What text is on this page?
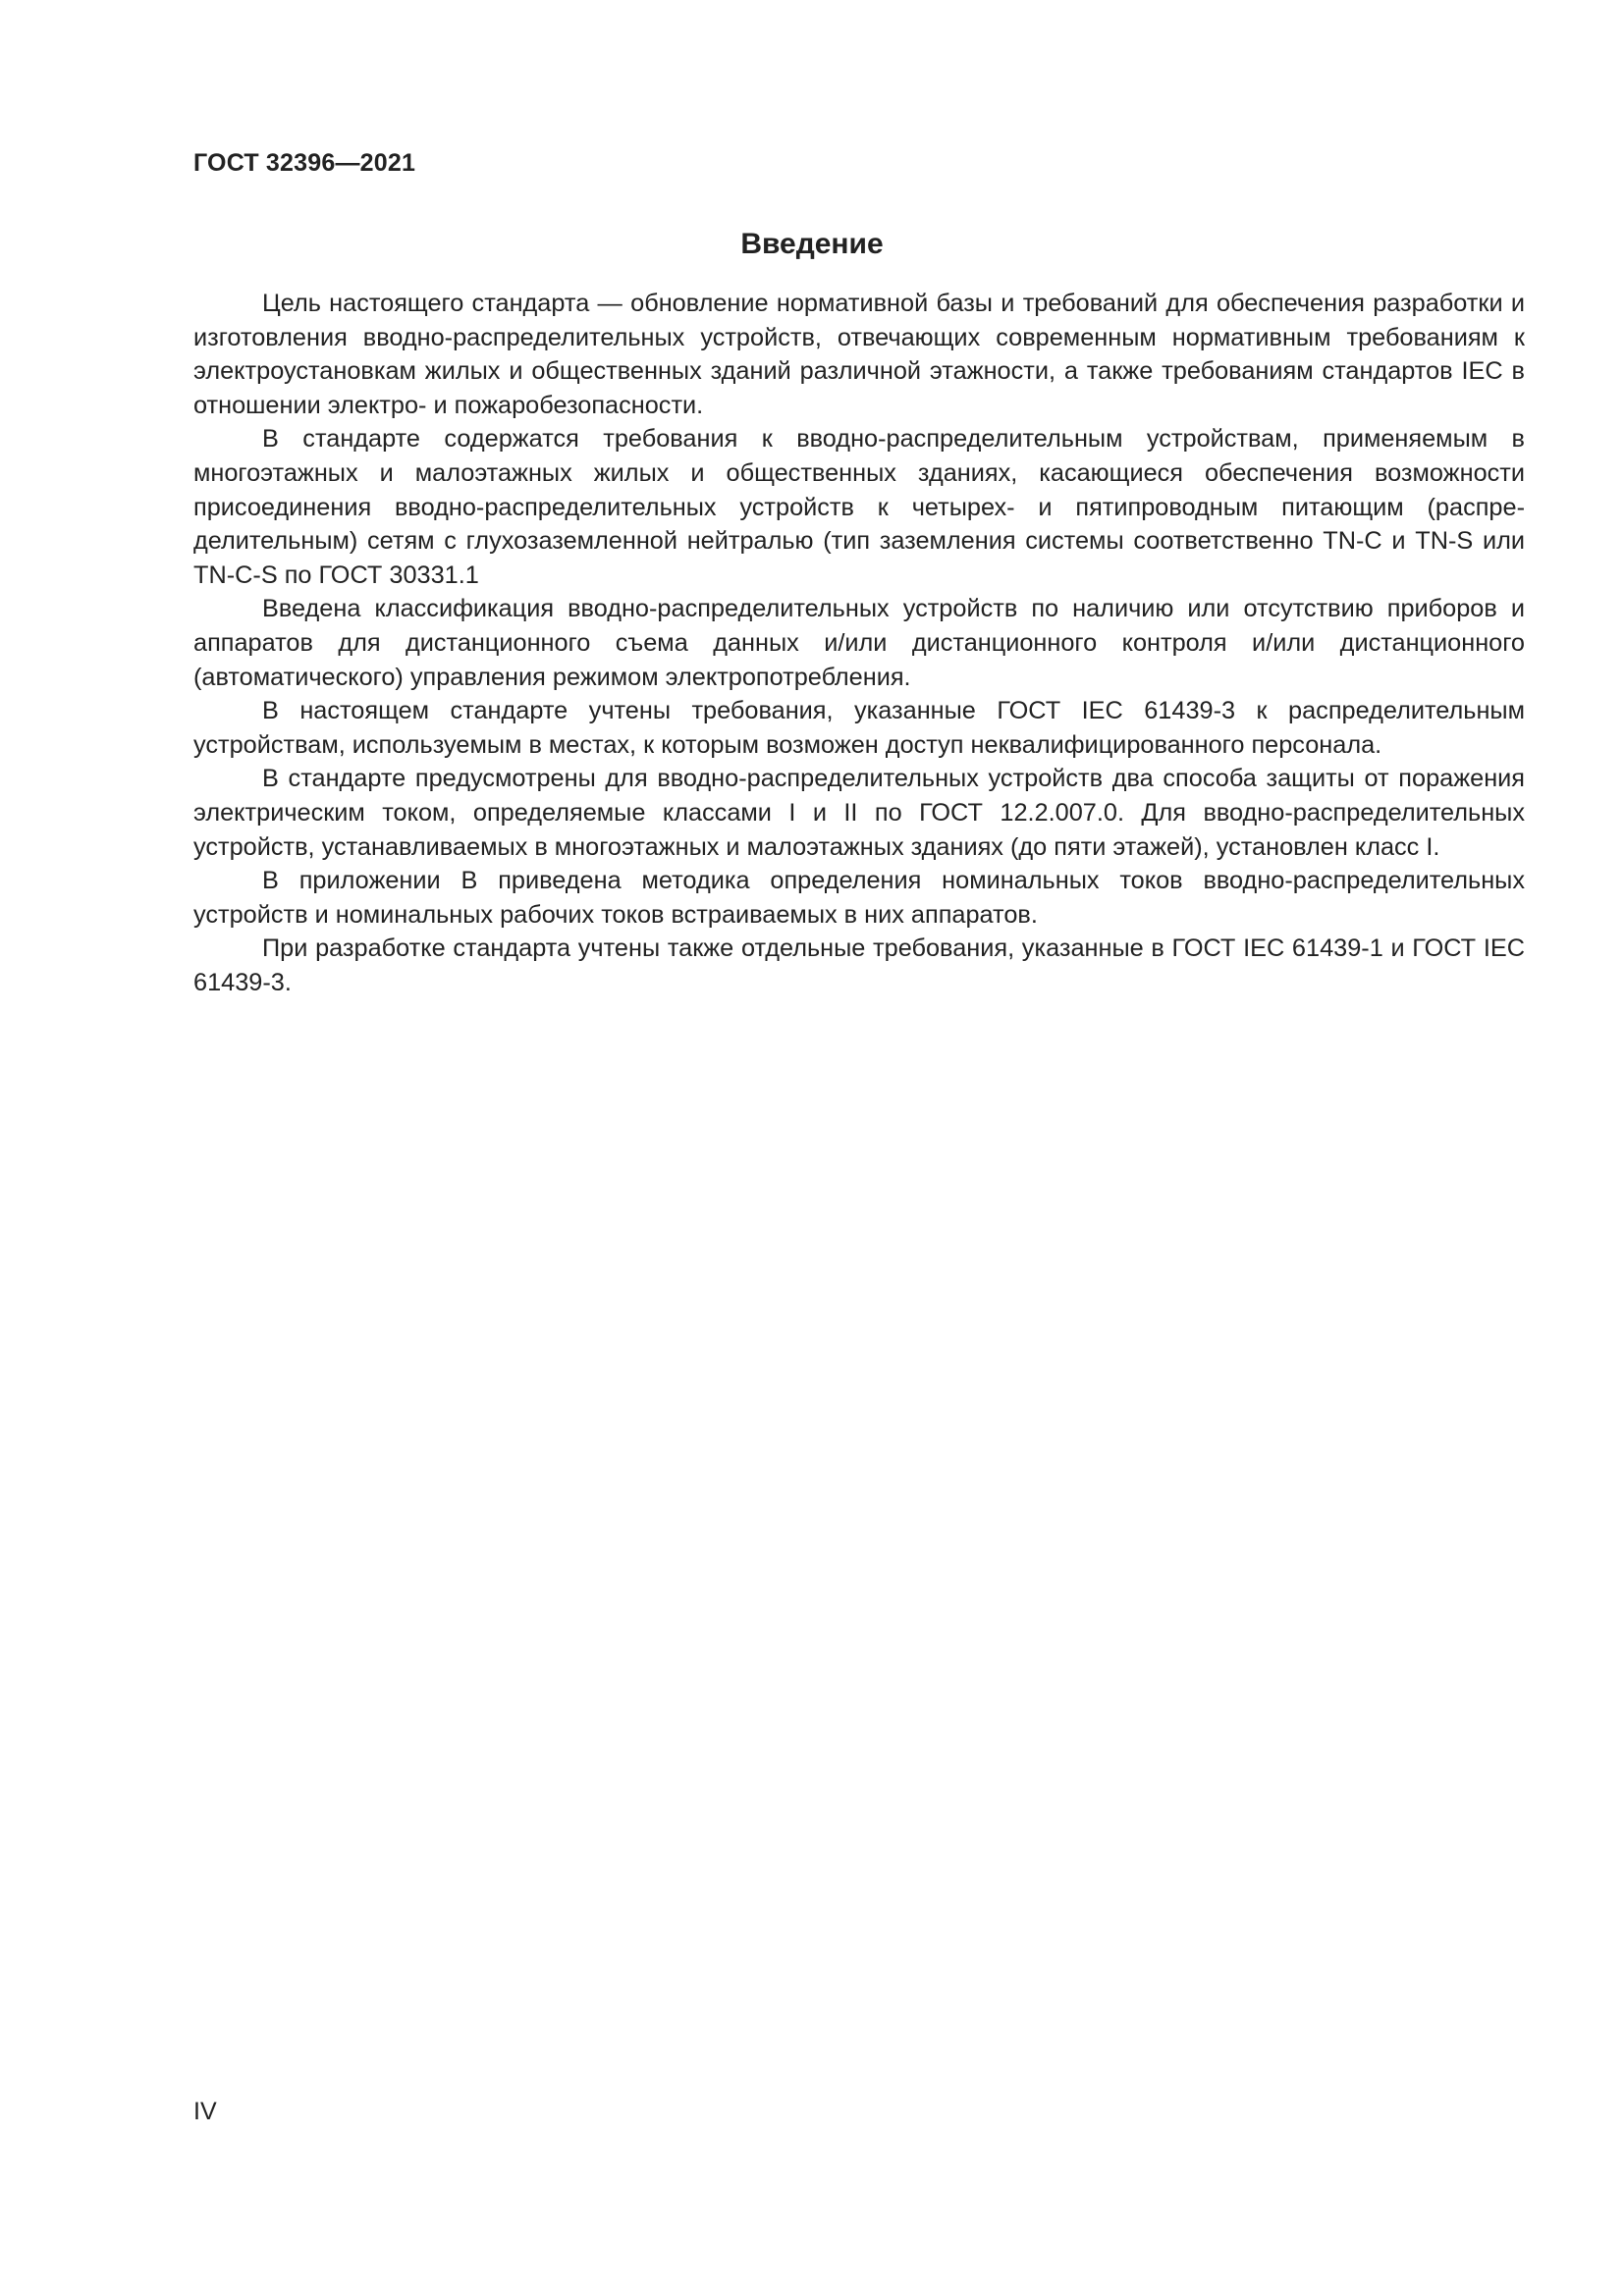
ГОСТ 32396—2021
Введение

Цель настоящего стандарта — обновление нормативной базы и требований для обеспечения разработки и изготовления вводно-распределительных устройств, отвечающих современным нормативным требованиям к электроустановкам жилых и общественных зданий различной этажности, а также требованиям стандартов IEC в отношении электро- и пожаробезопасности.

В стандарте содержатся требования к вводно-распределительным устройствам, применяемым в многоэтажных и малоэтажных жилых и общественных зданиях, касающиеся обеспечения возможности присоединения вводно-распределительных устройств к четырех- и пятипроводным питающим (распределительным) сетям с глухозаземленной нейтралью (тип заземления системы соответственно TN-C и TN-S или TN-C-S по ГОСТ 30331.1

Введена классификация вводно-распределительных устройств по наличию или отсутствию приборов и аппаратов для дистанционного съема данных и/или дистанционного контроля и/или дистанционного (автоматического) управления режимом электропотребления.

В настоящем стандарте учтены требования, указанные ГОСТ IEC 61439-3 к распределительным устройствам, используемым в местах, к которым возможен доступ неквалифицированного персонала.

В стандарте предусмотрены для вводно-распределительных устройств два способа защиты от поражения электрическим током, определяемые классами I и II по ГОСТ 12.2.007.0. Для вводно-распределительных устройств, устанавливаемых в многоэтажных и малоэтажных зданиях (до пяти этажей), установлен класс I.

В приложении В приведена методика определения номинальных токов вводно-распределительных устройств и номинальных рабочих токов встраиваемых в них аппаратов.

При разработке стандарта учтены также отдельные требования, указанные в ГОСТ IEC 61439-1 и ГОСТ IEC 61439-3.

IV
